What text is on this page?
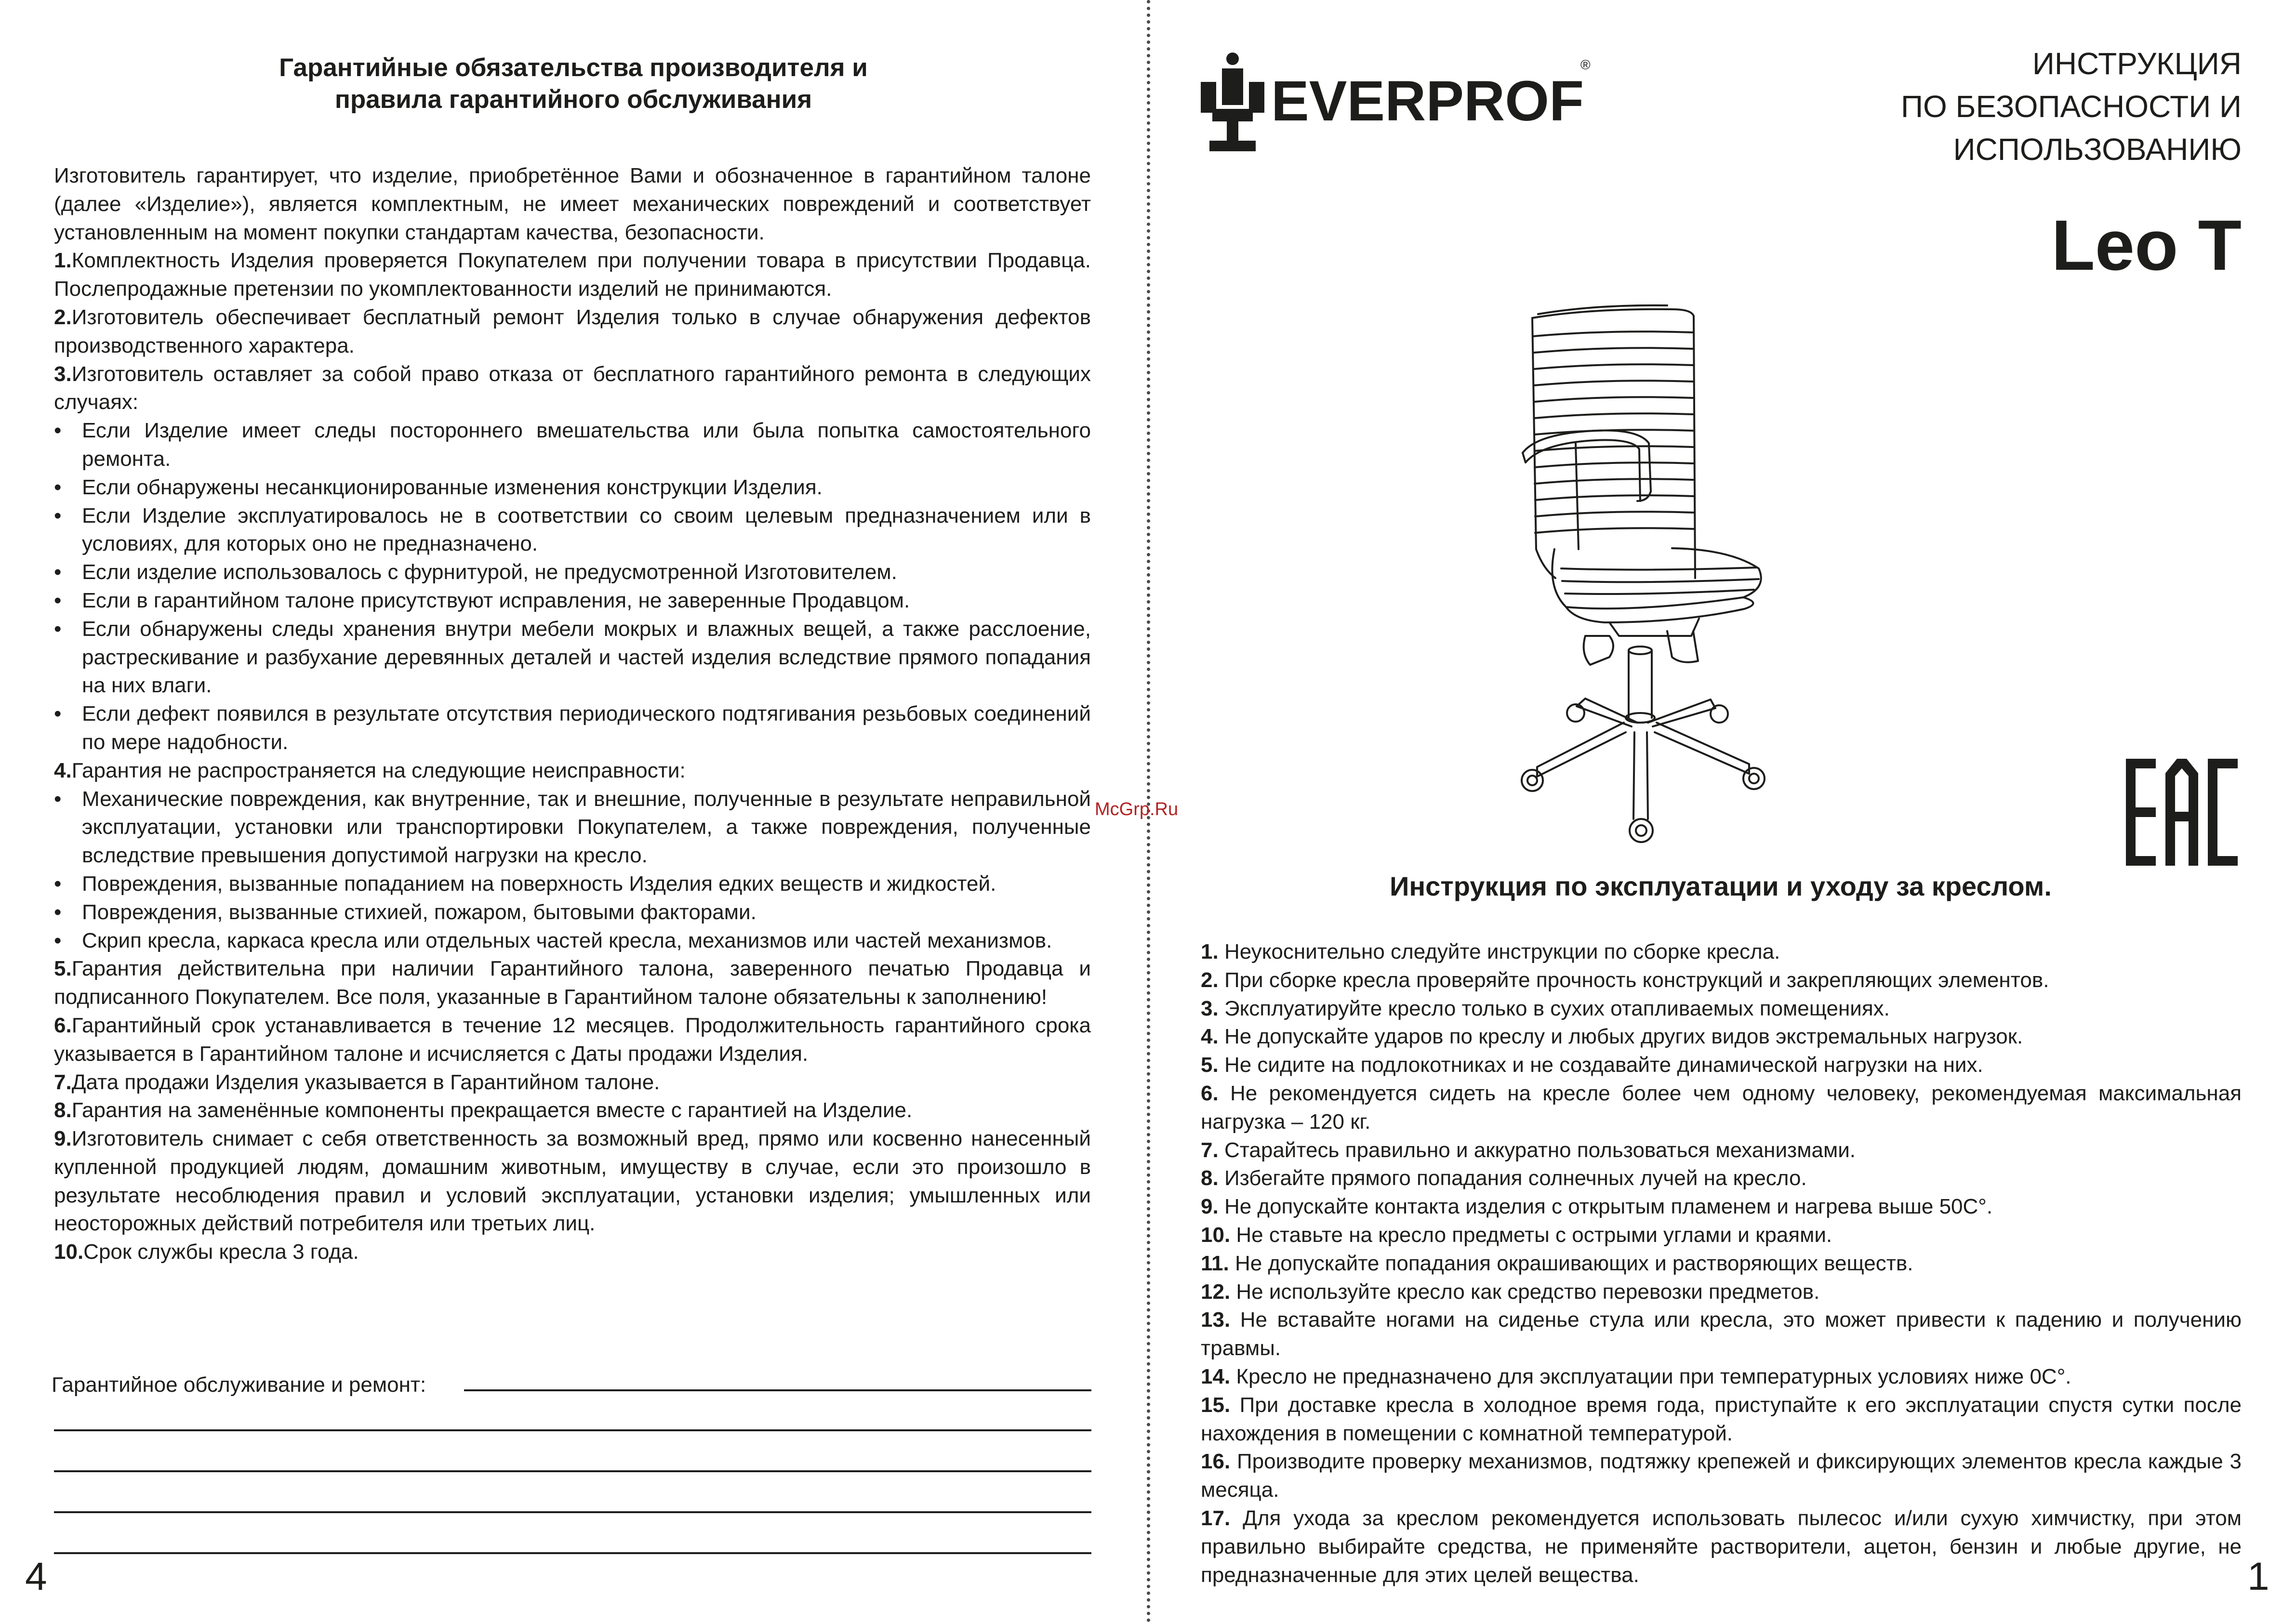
Гарантийные обязательства производителя и
правила гарантийного обслуживания

Изготовитель гарантирует, что изделие, приобретённое Вами и обозначенное в гарантийном талоне (далее «Изделие»), является комплектным, не имеет механических повреждений и соответствует установленным на момент покупки стандартам качества, безопасности.

1.Комплектность Изделия проверяется Покупателем при получении товара в присутствии Продавца. Послепродажные претензии по укомплектованности изделий не принимаются.

2.Изготовитель обеспечивает бесплатный ремонт Изделия только в случае обнаружения дефектов производственного характера.

3.Изготовитель оставляет за собой право отказа от бесплатного гарантийного ремонта в следующих случаях:

• Если Изделие имеет следы постороннего вмешательства или была попытка самостоятельного ремонта.
• Если обнаружены несанкционированные изменения конструкции Изделия.
• Если Изделие эксплуатировалось не в соответствии со своим целевым предназначением или в условиях, для которых оно не предназначено.
• Если изделие использовалось с фурнитурой, не предусмотренной Изготовителем.
• Если в гарантийном талоне присутствуют исправления, не заверенные Продавцом.
• Если обнаружены следы хранения внутри мебели мокрых и влажных вещей, а также расслоение, растрескивание и разбухание деревянных деталей и частей изделия вследствие прямого попадания на них влаги.
• Если дефект появился в результате отсутствия периодического подтягивания резьбовых соединений по мере надобности.

4.Гарантия не распространяется на следующие неисправности:

• Механические повреждения, как внутренние, так и внешние, полученные в результате неправильной эксплуатации, установки или транспортировки Покупателем, а также повреждения, полученные вследствие превышения допустимой нагрузки на кресло.
• Повреждения, вызванные попаданием на поверхность Изделия едких веществ и жидкостей.
• Повреждения, вызванные стихией, пожаром, бытовыми факторами.
• Скрип кресла, каркаса кресла или отдельных частей кресла, механизмов или частей механизмов.

5.Гарантия действительна при наличии Гарантийного талона, заверенного печатью Продавца и подписанного Покупателем. Все поля, указанные в Гарантийном талоне обязательны к заполнению!

6.Гарантийный срок устанавливается в течение 12 месяцев. Продолжительность гарантийного срока указывается в Гарантийном талоне и исчисляется с Даты продажи Изделия.

7.Дата продажи Изделия указывается в Гарантийном талоне.

8.Гарантия на заменённые компоненты прекращается вместе с гарантией на Изделие.

9.Изготовитель снимает с себя ответственность за возможный вред, прямо или косвенно нанесенный купленной продукцией людям, домашним животным, имуществу в случае, если это произошло в результате несоблюдения правил и условий эксплуатации, установки изделия; умышленных или неосторожных действий потребителя или третьих лиц.

10.Срок службы кресла 3 года.

Гарантийное обслуживание и ремонт:
4
EVERPROF
®	ИНСТРУКЦИЯ
ПО БЕЗОПАСНОСТИ И
ИСПОЛЬЗОВАНИЮ
Leo T
McGrp.Ru
Инструкция по эксплуатации и уходу за креслом.

1. Неукоснительно следуйте инструкции по сборке кресла.

2. При сборке кресла проверяйте прочность конструкций и закрепляющих элементов.

3. Эксплуатируйте кресло только в сухих отапливаемых помещениях.

4. Не допускайте ударов по креслу и любых других видов экстремальных нагрузок.

5. Не сидите на подлокотниках и не создавайте динамической нагрузки на них.

6. Не рекомендуется сидеть на кресле более чем одному человеку, рекомендуемая максимальная нагрузка – 120 кг.

7. Старайтесь правильно и аккуратно пользоваться механизмами.

8. Избегайте прямого попадания солнечных лучей на кресло.

9. Не допускайте контакта изделия с открытым пламенем и нагрева выше 50С°.

10. Не ставьте на кресло предметы с острыми углами и краями.

11. Не допускайте попадания окрашивающих и растворяющих веществ.

12. Не используйте кресло как средство перевозки предметов.

13. Не вставайте ногами на сиденье стула или кресла, это может привести к падению и получению травмы.

14. Кресло не предназначено для эксплуатации при температурных условиях ниже 0С°.

15. При доставке кресла в холодное время года, приступайте к его эксплуатации спустя сутки после нахождения в помещении с комнатной температурой.

16. Производите проверку механизмов, подтяжку крепежей и фиксирующих элементов кресла каждые 3 месяца.

17. Для ухода за креслом рекомендуется использовать пылесос и/или сухую химчистку, при этом правильно выбирайте средства, не применяйте растворители, ацетон, бензин и любые другие, не предназначенные для этих целей вещества.	1
